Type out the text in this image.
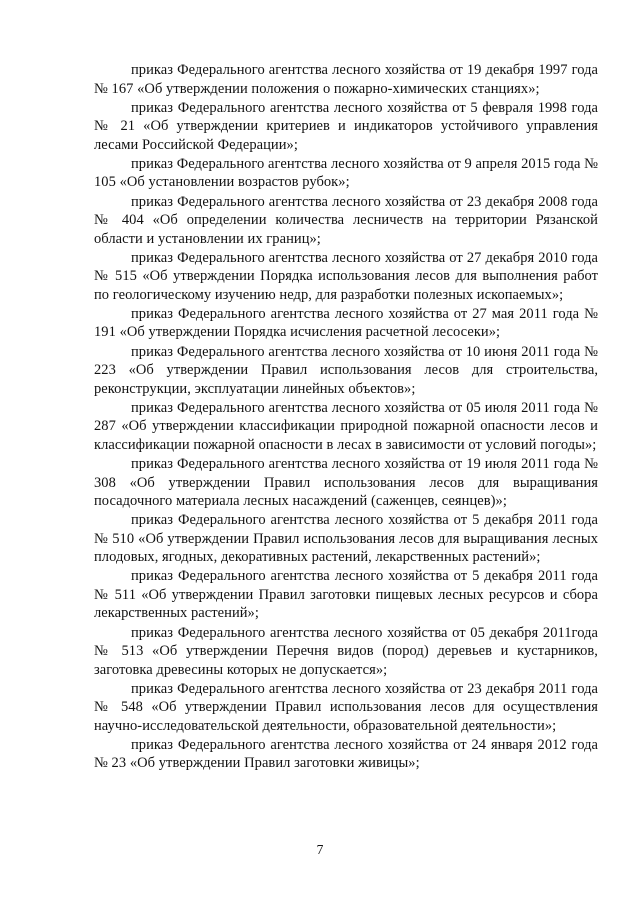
приказ Федерального агентства лесного хозяйства от 19 декабря 1997 года № 167 «Об утверждении положения о пожарно-химических станциях»;

приказ Федерального агентства лесного хозяйства от 5 февраля 1998 года № 21 «Об утверждении критериев и индикаторов устойчивого управления лесами Российской Федерации»;

приказ Федерального агентства лесного хозяйства от 9 апреля 2015 года № 105 «Об установлении возрастов рубок»;

приказ Федерального агентства лесного хозяйства от 23 декабря 2008 года № 404 «Об определении количества лесничеств на территории Рязанской области и установлении их границ»;

приказ Федерального агентства лесного хозяйства от 27 декабря 2010 года № 515 «Об утверждении Порядка использования лесов для выполнения работ по геологическому изучению недр, для разработки полезных ископаемых»;

приказ Федерального агентства лесного хозяйства от 27 мая 2011 года № 191 «Об утверждении Порядка исчисления расчетной лесосеки»;

приказ Федерального агентства лесного хозяйства от 10 июня 2011 года № 223 «Об утверждении Правил использования лесов для строительства, реконструкции, эксплуатации линейных объектов»;

приказ Федерального агентства лесного хозяйства от 05 июля 2011 года № 287 «Об утверждении классификации природной пожарной опасности лесов и классификации пожарной опасности в лесах в зависимости от условий погоды»;

приказ Федерального агентства лесного хозяйства от 19 июля 2011 года № 308 «Об утверждении Правил использования лесов для выращивания посадочного материала лесных насаждений (саженцев, сеянцев)»;

приказ Федерального агентства лесного хозяйства от 5 декабря 2011 года № 510 «Об утверждении Правил использования лесов для выращивания лесных плодовых, ягодных, декоративных растений, лекарственных растений»;

приказ Федерального агентства лесного хозяйства от 5 декабря 2011 года № 511 «Об утверждении Правил заготовки пищевых лесных ресурсов и сбора лекарственных растений»;

приказ Федерального агентства лесного хозяйства от 05 декабря 2011года № 513 «Об утверждении Перечня видов (пород) деревьев и кустарников, заготовка древесины которых не допускается»;

приказ Федерального агентства лесного хозяйства от 23 декабря 2011 года № 548 «Об утверждении Правил использования лесов для осуществления научно-исследовательской деятельности, образовательной деятельности»;

приказ Федерального агентства лесного хозяйства от 24 января 2012 года № 23 «Об утверждении Правил заготовки живицы»;

7
